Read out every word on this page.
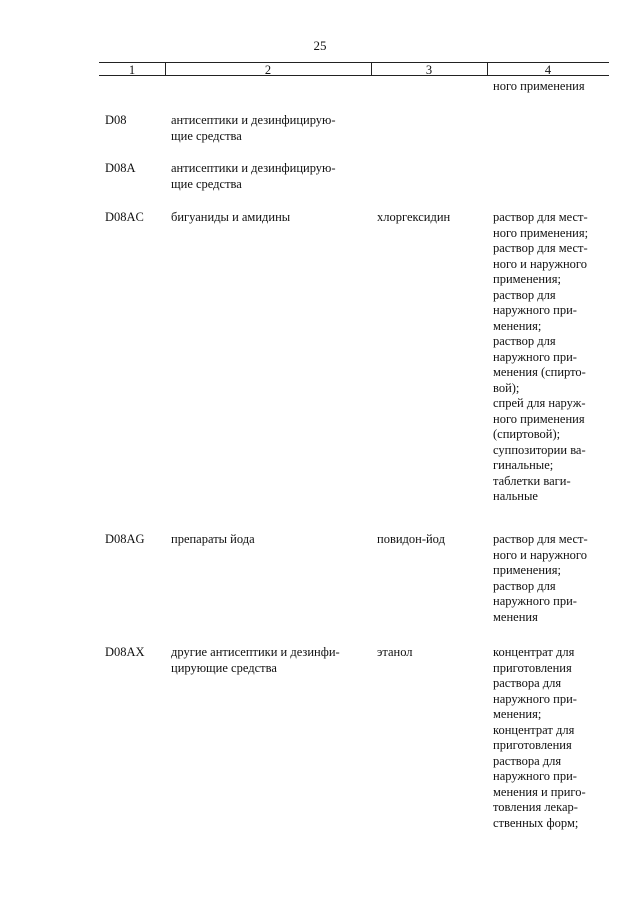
25
1	2	3	4
ного применения
D08	антисептики и дезинфицирую-
щие средства
D08A	антисептики и дезинфицирую-
щие средства
D08AC	бигуаниды и амидины	хлоргексидин	раствор для мест-
ного применения;
раствор для мест-
ного и наружного
применения;
раствор для
наружного при-
менения;
раствор для
наружного при-
менения (спирто-
вой);
спрей для наруж-
ного применения
(спиртовой);
суппозитории ва-
гинальные;
таблетки ваги-
нальные
D08AG	препараты йода	повидон-йод	раствор для мест-
ного и наружного
применения;
раствор для
наружного при-
менения
D08AX	другие антисептики и дезинфи-
цирующие средства
этанол	концентрат для
приготовления
раствора для
наружного при-
менения;
концентрат для
приготовления
раствора для
наружного при-
менения и приго-
товления лекар-
ственных форм;
